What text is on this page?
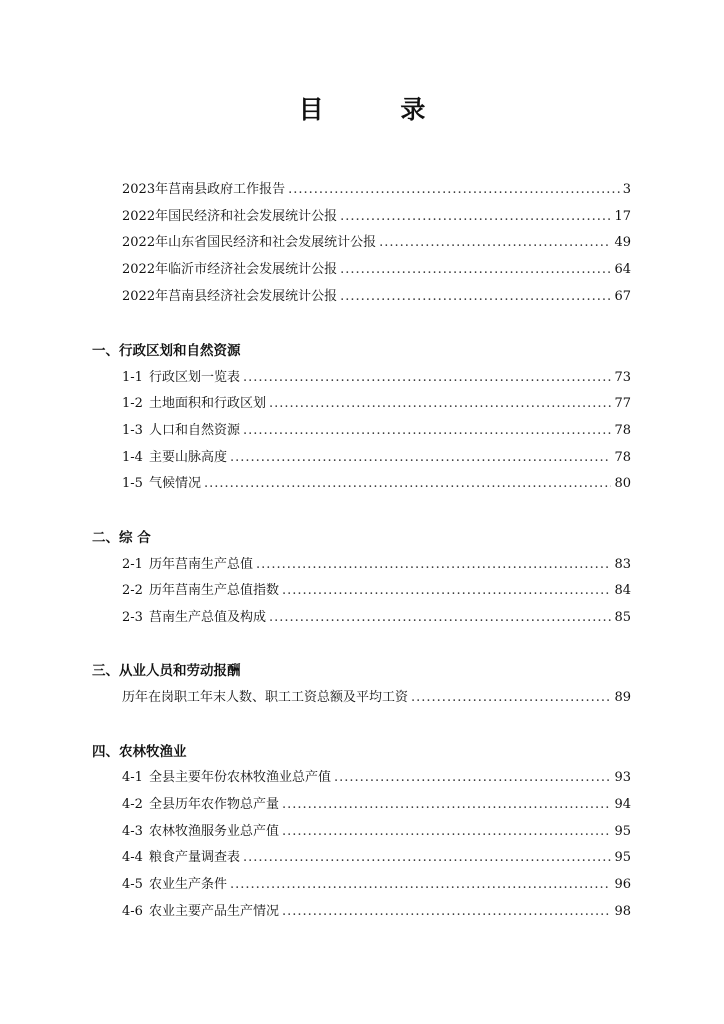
目 录
2023年莒南县政府工作报告 .....	3
2022年国民经济和社会发展统计公报 .....	17
2022年山东省国民经济和社会发展统计公报 .....	49
2022年临沂市经济社会发展统计公报 .....	64
2022年莒南县经济社会发展统计公报 .....	67
一、行政区划和自然资源
1-1 行政区划一览表 .....	73
1-2 土地面积和行政区划 .....	77
1-3 人口和自然资源 .....	78
1-4 主要山脉高度 .....	78
1-5 气候情况 .....	80
二、综 合
2-1 历年莒南生产总值 .....	83
2-2 历年莒南生产总值指数 .....	84
2-3 莒南生产总值及构成 .....	85
三、从业人员和劳动报酬
历年在岗职工年末人数、职工工资总额及平均工资 .....	89
四、农林牧渔业
4-1 全县主要年份农林牧渔业总产值 .....	93
4-2 全县历年农作物总产量 .....	94
4-3 农林牧渔服务业总产值 .....	95
4-4 粮食产量调查表 .....	95
4-5 农业生产条件 .....	96
4-6 农业主要产品生产情况 .....	98
